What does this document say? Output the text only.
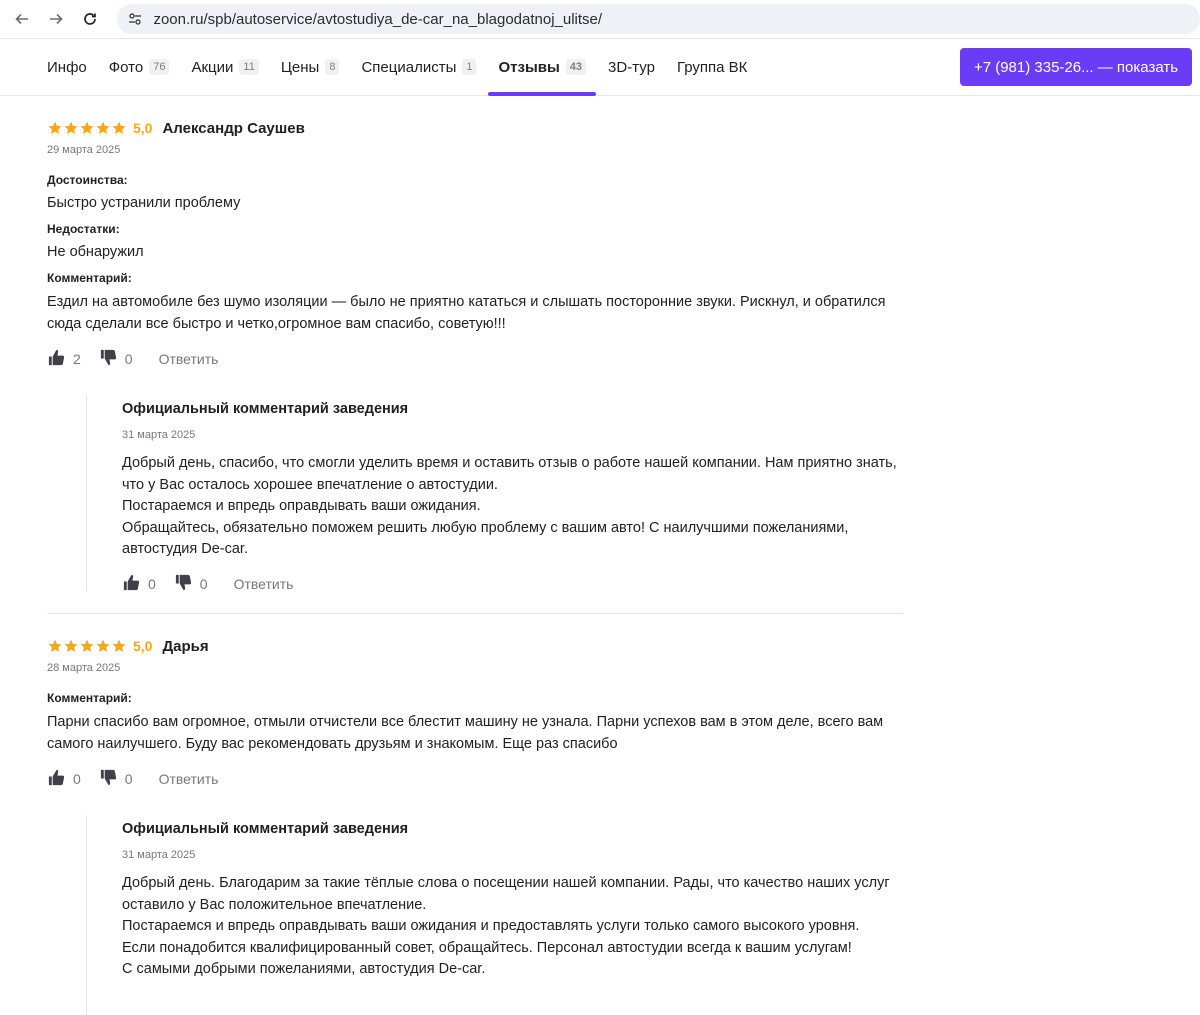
zoon.ru/spb/autoservice/avtostudiya_de-car_na_blagodatnoj_ulitse/
Инфо Фото 76 Акции 11 Цены 8 Специалисты 1 Отзывы 43 3D-тур Группа ВК	+7 (981) 335-26... — показать
5,0 Александр Саушев
29 марта 2025
Достоинства:
Быстро устранили проблему
Недостатки:
Не обнаружил
Комментарий:
Ездил на автомобиле без шумо изоляции — было не приятно кататься и слышать посторонние звуки. Рискнул, и обратился сюда сделали все быстро и четко,огромное вам спасибо, советую!!!
2	0 Ответить
Официальный комментарий заведения
31 марта 2025
Добрый день, спасибо, что смогли уделить время и оставить отзыв о работе нашей компании. Нам приятно знать, что у Вас осталось хорошее впечатление о автостудии.
Постараемся и впредь оправдывать ваши ожидания.
Обращайтесь, обязательно поможем решить любую проблему с вашим авто! С наилучшими пожеланиями, автостудия De-car.
0	0 Ответить
5,0 Дарья
28 марта 2025
Комментарий:
Парни спасибо вам огромное, отмыли отчистели все блестит машину не узнала. Парни успехов вам в этом деле, всего вам самого наилучшего. Буду вас рекомендовать друзьям и знакомым. Еще раз спасибо
0	0 Ответить
Официальный комментарий заведения
31 марта 2025
Добрый день. Благодарим за такие тёплые слова о посещении нашей компании. Рады, что качество наших услуг оставило у Вас положительное впечатление.
Постараемся и впредь оправдывать ваши ожидания и предоставлять услуги только самого высокого уровня.
Если понадобится квалифицированный совет, обращайтесь. Персонал автостудии всегда к вашим услугам!
С самыми добрыми пожеланиями, автостудия De-car.
